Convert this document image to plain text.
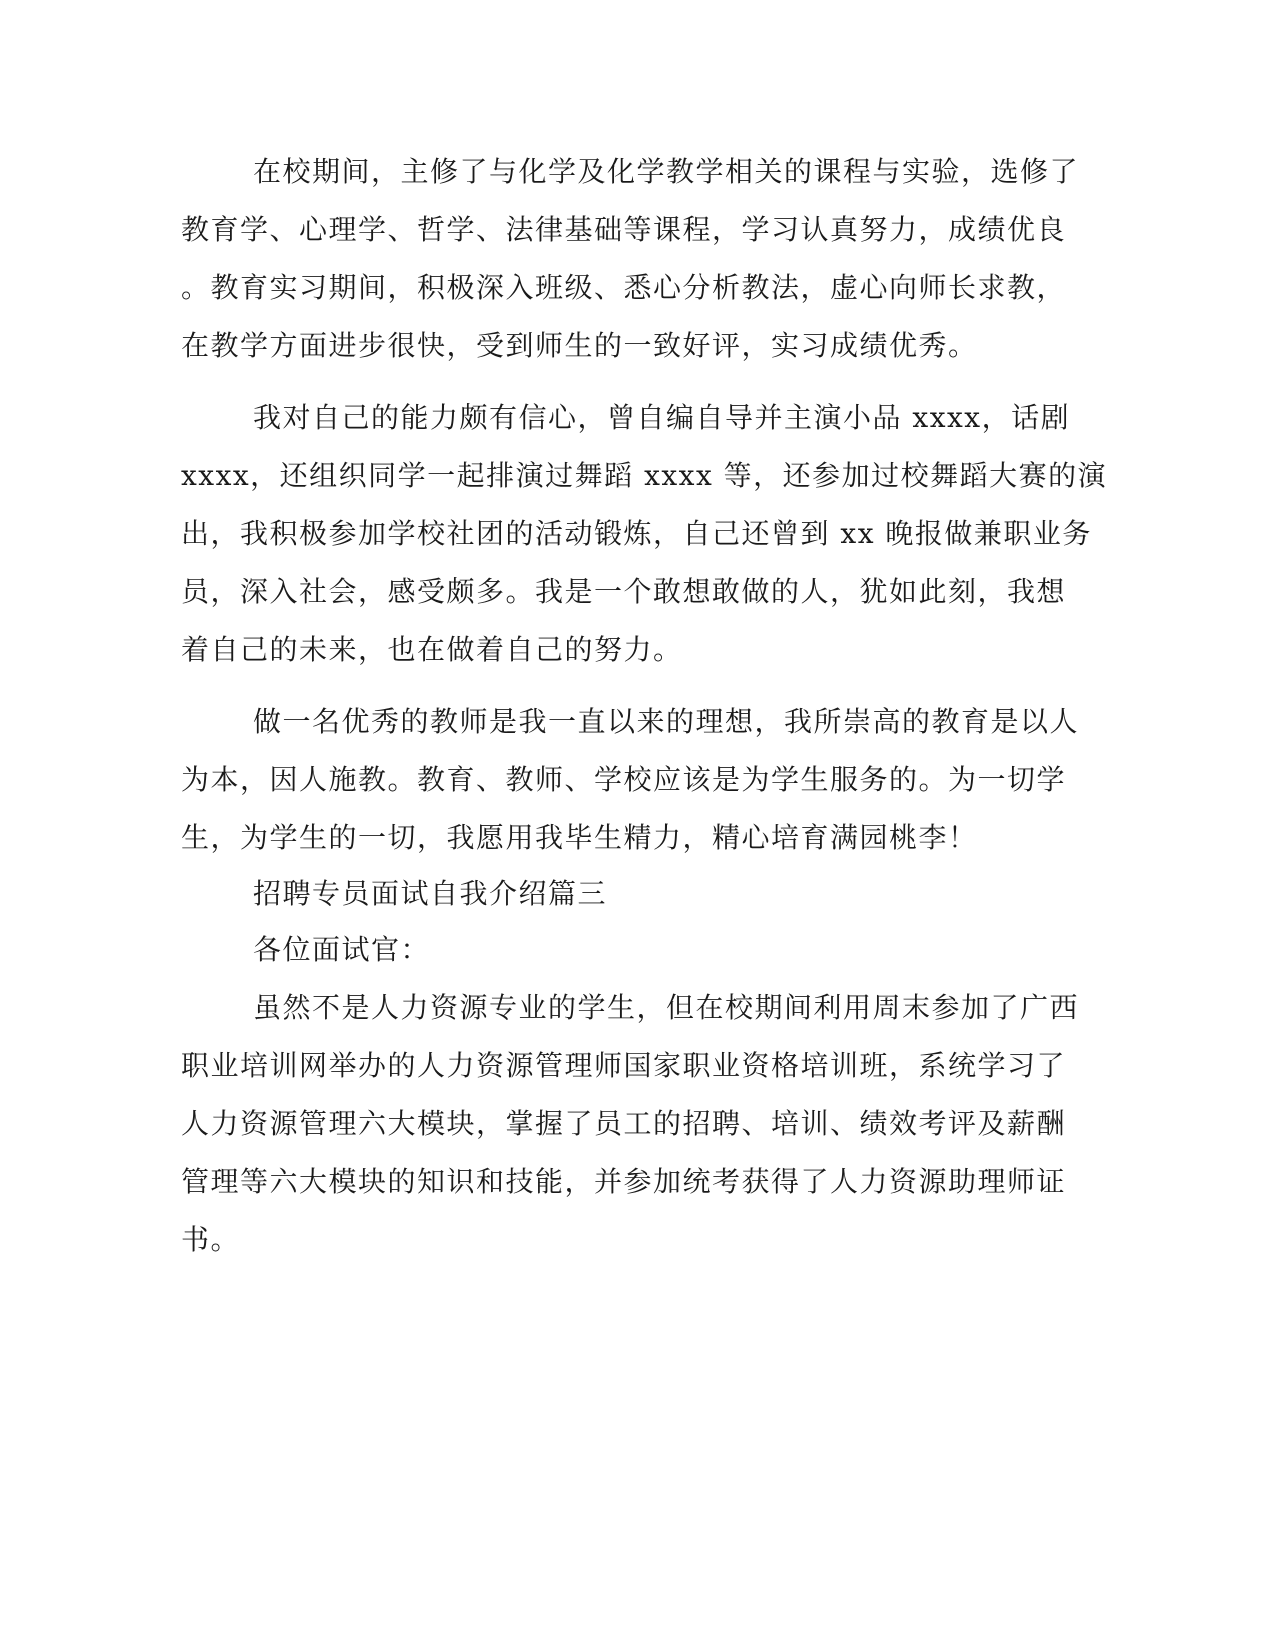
在校期间，主修了与化学及化学教学相关的课程与实验，选修了
教育学、心理学、哲学、法律基础等课程，学习认真努力，成绩优良
。教育实习期间，积极深入班级、悉心分析教法，虚心向师长求教，
在教学方面进步很快，受到师生的一致好评，实习成绩优秀。
我对自己的能力颇有信心，曾自编自导并主演小品 xxxx，话剧
xxxx，还组织同学一起排演过舞蹈 xxxx 等，还参加过校舞蹈大赛的演
出，我积极参加学校社团的活动锻炼，自己还曾到 xx 晚报做兼职业务
员，深入社会，感受颇多。我是一个敢想敢做的人，犹如此刻，我想
着自己的未来，也在做着自己的努力。
做一名优秀的教师是我一直以来的理想，我所崇高的教育是以人
为本，因人施教。教育、教师、学校应该是为学生服务的。为一切学
生，为学生的一切，我愿用我毕生精力，精心培育满园桃李！
招聘专员面试自我介绍篇三
各位面试官：
虽然不是人力资源专业的学生，但在校期间利用周末参加了广西
职业培训网举办的人力资源管理师国家职业资格培训班，系统学习了
人力资源管理六大模块，掌握了员工的招聘、培训、绩效考评及薪酬
管理等六大模块的知识和技能，并参加统考获得了人力资源助理师证
书。
